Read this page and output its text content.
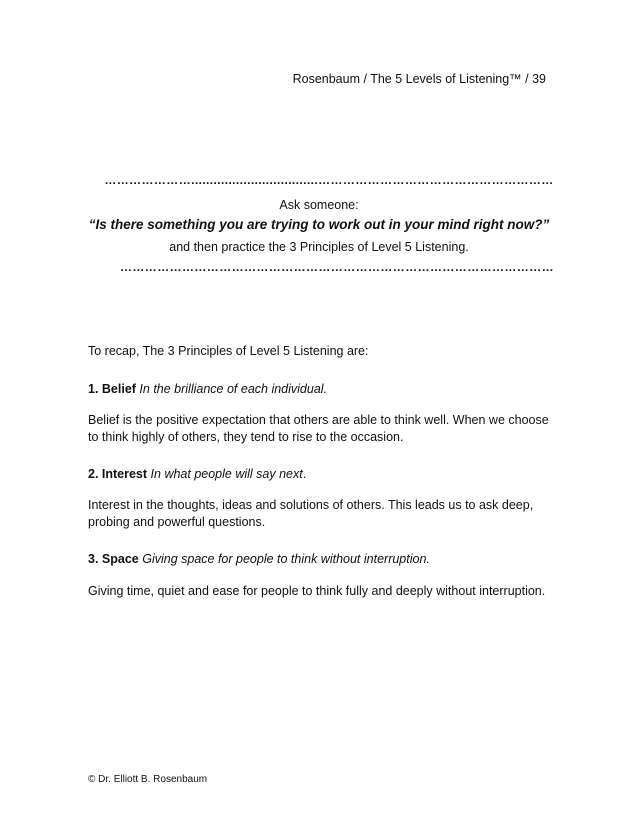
Rosenbaum / The 5 Levels of Listening™ / 39
…………………..................................…………………………………………………
Ask someone:
“Is there something you are trying to work out in your mind right now?”
and then practice the 3 Principles of Level 5 Listening.
……………………………………………………………………………………………
To recap, The 3 Principles of Level 5 Listening are:
1. Belief In the brilliance of each individual.
Belief is the positive expectation that others are able to think well. When we choose to think highly of others, they tend to rise to the occasion.
2. Interest In what people will say next.
Interest in the thoughts, ideas and solutions of others. This leads us to ask deep, probing and powerful questions.
3. Space Giving space for people to think without interruption.
Giving time, quiet and ease for people to think fully and deeply without interruption.
© Dr. Elliott B. Rosenbaum
